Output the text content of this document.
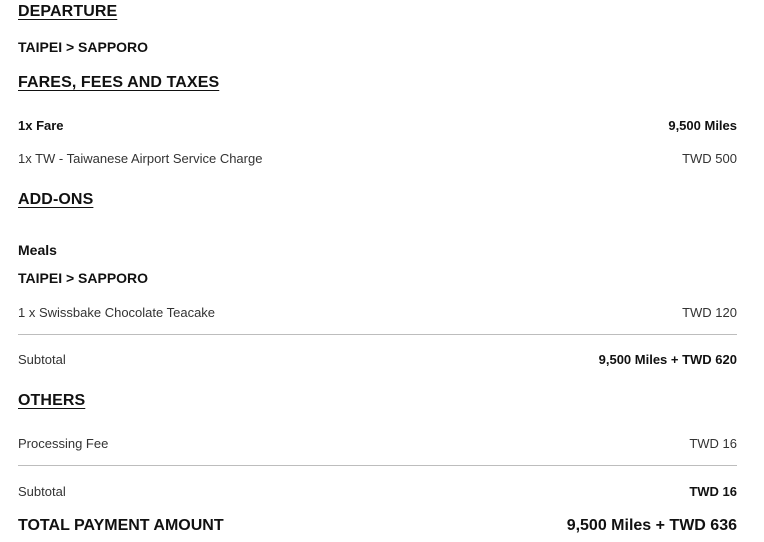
DEPARTURE
TAIPEI > SAPPORO
FARES, FEES AND TAXES
1x Fare	9,500 Miles
1x TW - Taiwanese Airport Service Charge	TWD 500
ADD-ONS
Meals
TAIPEI > SAPPORO
1 x Swissbake Chocolate Teacake	TWD 120
Subtotal	9,500 Miles + TWD 620
OTHERS
Processing Fee	TWD 16
Subtotal	TWD 16
TOTAL PAYMENT AMOUNT	9,500 Miles + TWD 636
